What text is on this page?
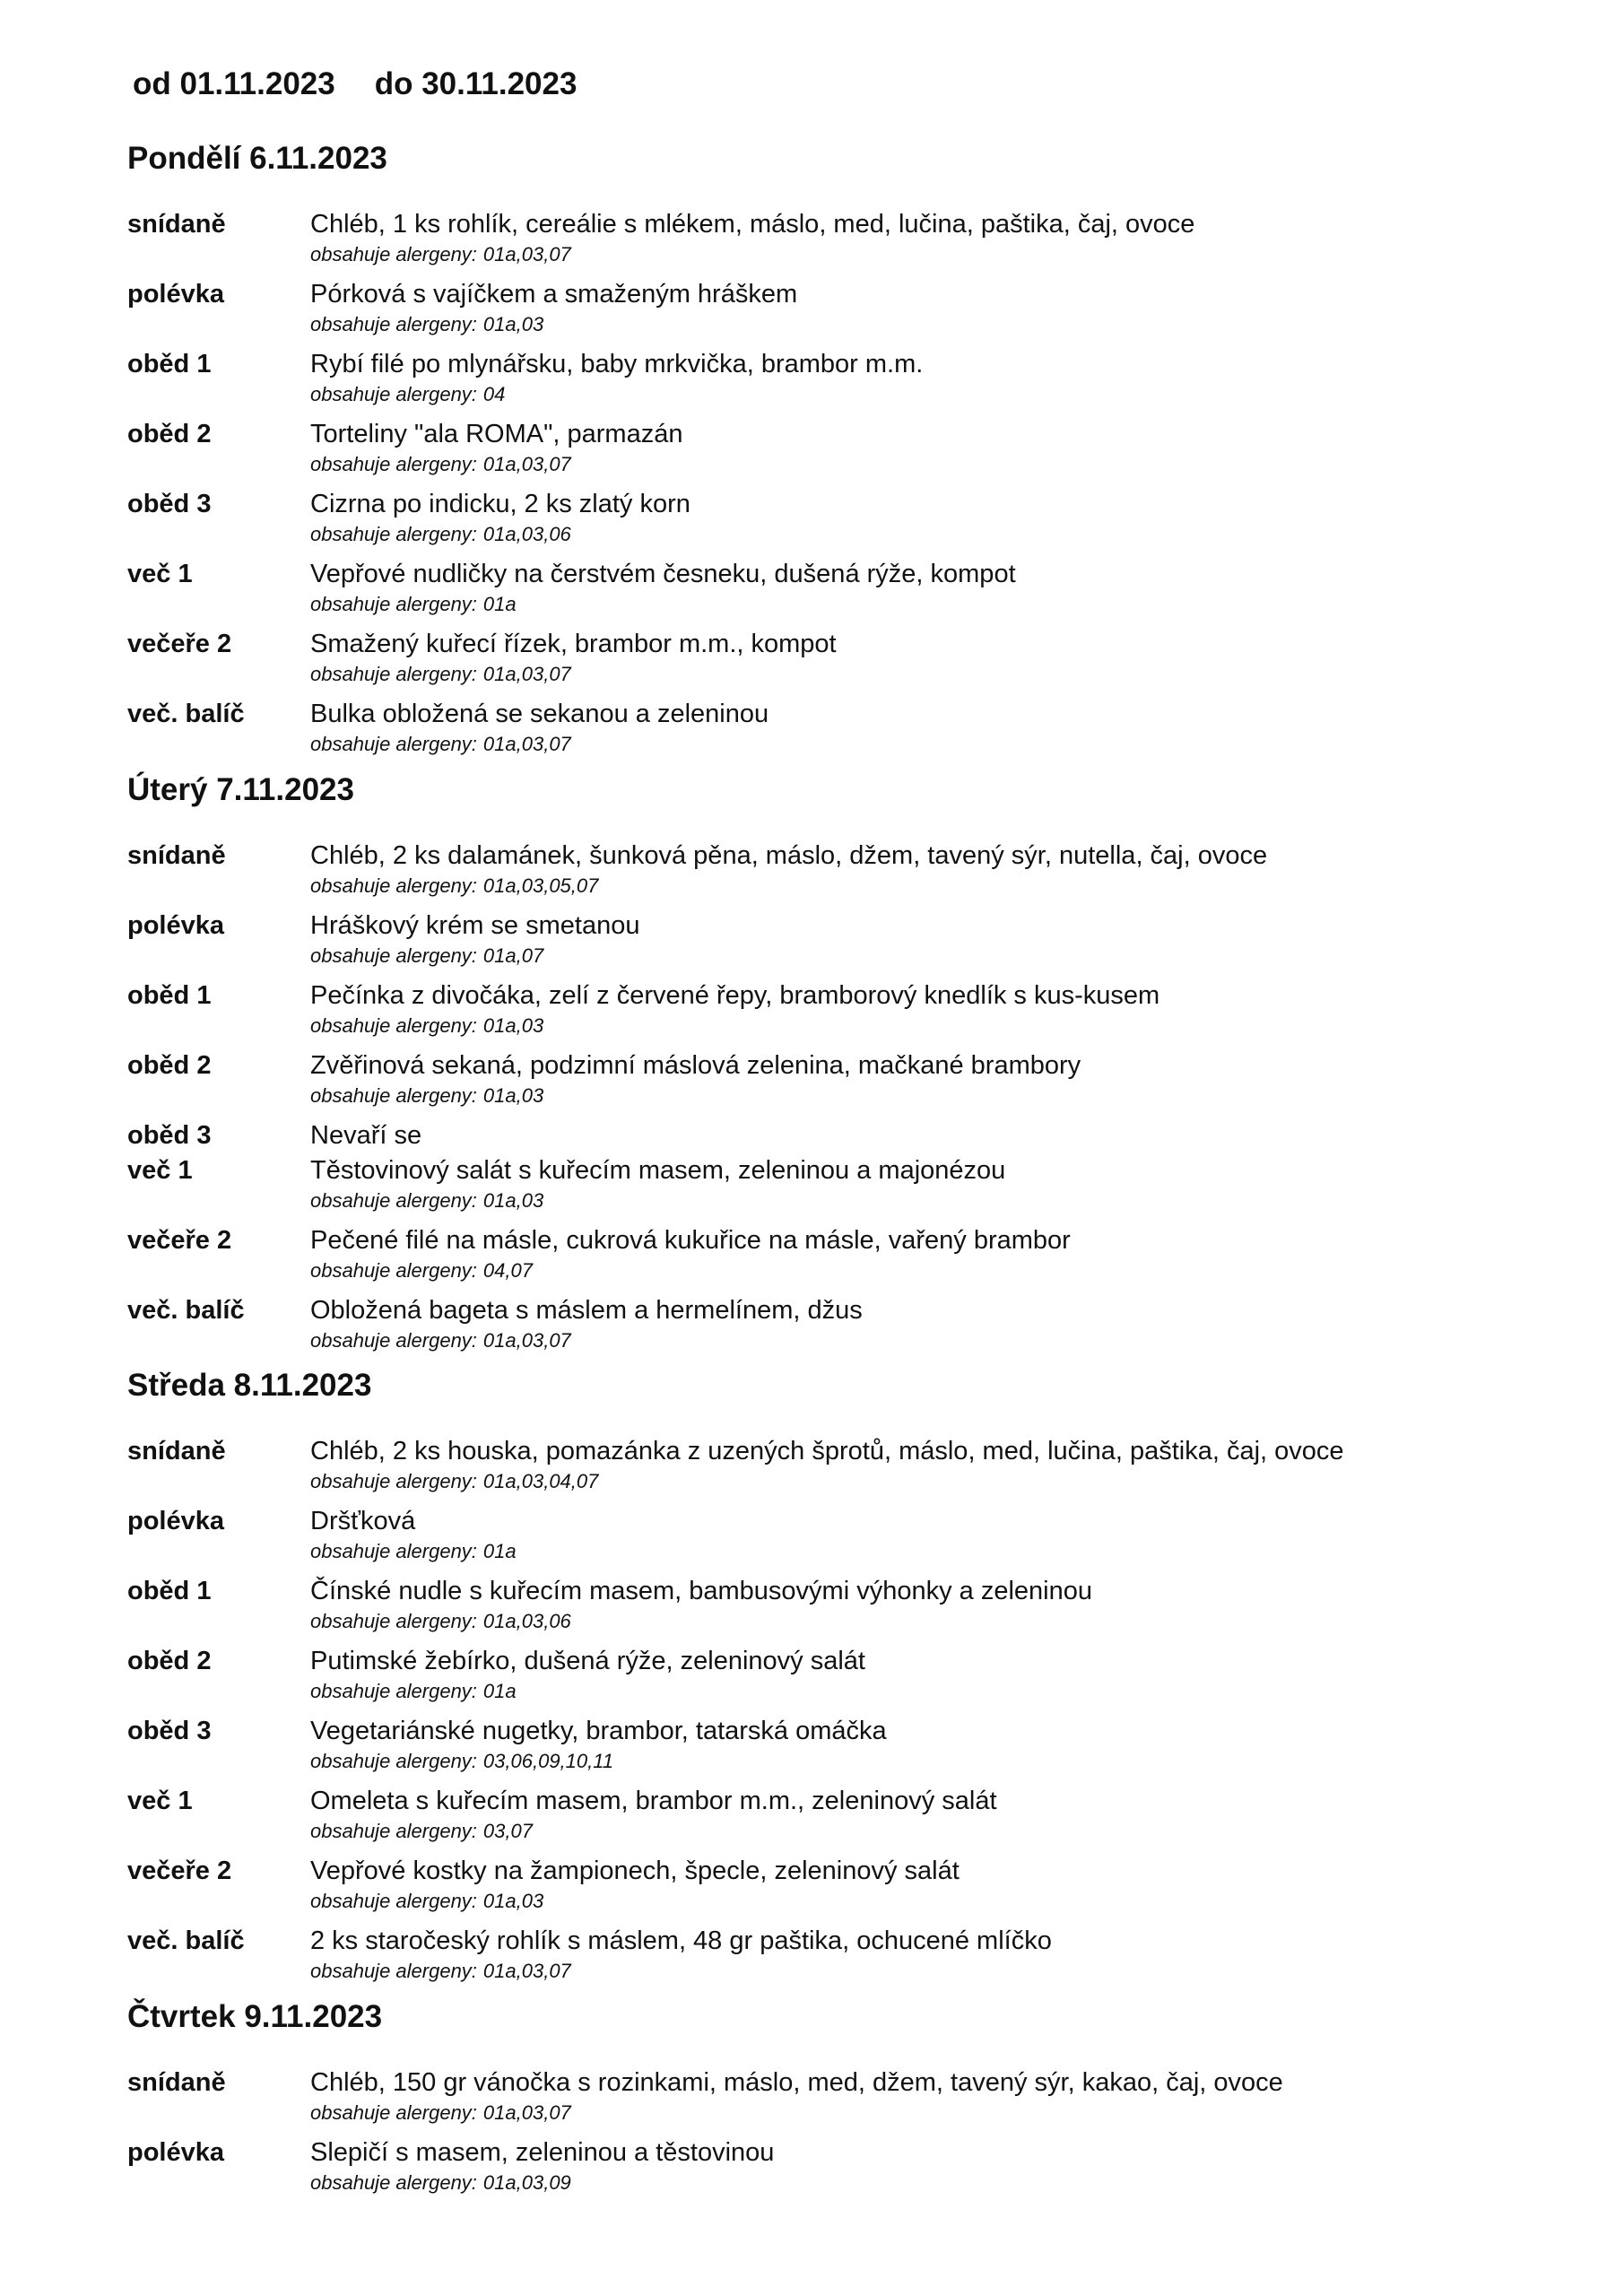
od 01.11.2023 do 30.11.2023
Pondělí 6.11.2023
snídaně	Chléb, 1 ks rohlík, cereálie s mlékem, máslo, med, lučina, paštika, čaj, ovoce
obsahuje alergeny: 01a,03,07
polévka	Pórková s vajíčkem a smaženým hráškem
obsahuje alergeny: 01a,03
oběd 1	Rybí filé po mlynářsku, baby mrkvička, brambor m.m.
obsahuje alergeny: 04
oběd 2	Torteliny "ala ROMA", parmazán
obsahuje alergeny: 01a,03,07
oběd 3	Cizrna po indicku, 2 ks zlatý korn
obsahuje alergeny: 01a,03,06
več 1	Vepřové nudličky na čerstvém česneku, dušená rýže, kompot
obsahuje alergeny: 01a
večeře 2	Smažený kuřecí řízek, brambor m.m., kompot
obsahuje alergeny: 01a,03,07
več. balíč	Bulka obložená se sekanou a zeleninou
obsahuje alergeny: 01a,03,07
Úterý 7.11.2023
snídaně	Chléb, 2 ks dalamánek, šunková pěna, máslo, džem, tavený sýr, nutella, čaj, ovoce
obsahuje alergeny: 01a,03,05,07
polévka	Hráškový krém se smetanou
obsahuje alergeny: 01a,07
oběd 1	Pečínka z divočáka, zelí z červené řepy, bramborový knedlík s kus-kusem
obsahuje alergeny: 01a,03
oběd 2	Zvěřinová sekaná, podzimní máslová zelenina, mačkané brambory
obsahuje alergeny: 01a,03
oběd 3	Nevaří se
več 1	Těstovinový salát s kuřecím masem, zeleninou a majonézou
obsahuje alergeny: 01a,03
večeře 2	Pečené filé na másle, cukrová kukuřice na másle, vařený brambor
obsahuje alergeny: 04,07
več. balíč	Obložená bageta s máslem a hermelínem, džus
obsahuje alergeny: 01a,03,07
Středa 8.11.2023
snídaně	Chléb, 2 ks houska, pomazánka z uzených šprotů, máslo, med, lučina, paštika, čaj, ovoce
obsahuje alergeny: 01a,03,04,07
polévka	Dršťková
obsahuje alergeny: 01a
oběd 1	Čínské nudle s kuřecím masem, bambusovými výhonky a zeleninou
obsahuje alergeny: 01a,03,06
oběd 2	Putimské žebírko, dušená rýže, zeleninový salát
obsahuje alergeny: 01a
oběd 3	Vegetariánské nugetky, brambor, tatarská omáčka
obsahuje alergeny: 03,06,09,10,11
več 1	Omeleta s kuřecím masem, brambor m.m., zeleninový salát
obsahuje alergeny: 03,07
večeře 2	Vepřové kostky na žampionech, špecle, zeleninový salát
obsahuje alergeny: 01a,03
več. balíč	2 ks staročeský rohlík s máslem, 48 gr paštika, ochucené mlíčko
obsahuje alergeny: 01a,03,07
Čtvrtek 9.11.2023
snídaně	Chléb, 150 gr vánočka s rozinkami, máslo, med, džem, tavený sýr, kakao, čaj, ovoce
obsahuje alergeny: 01a,03,07
polévka	Slepičí s masem, zeleninou a těstovinou
obsahuje alergeny: 01a,03,09
